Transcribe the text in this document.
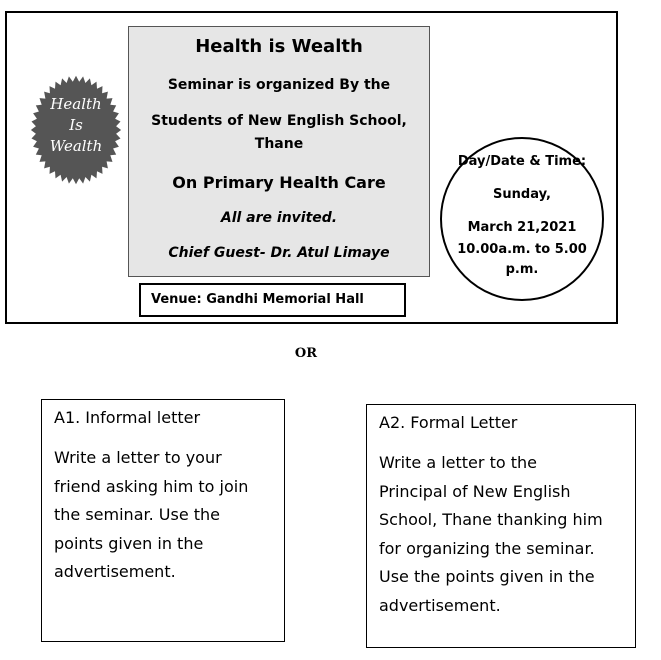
Health
Is
Wealth
Health is Wealth
Seminar is organized By the
Students of New English School,
Thane
On Primary Health Care
All are invited.
Chief Guest- Dr. Atul Limaye
Venue: Gandhi Memorial Hall
Day/Date & Time:
Sunday,
March 21,2021
10.00a.m. to 5.00
p.m.
OR
A1. Informal letter
Write a letter to your
friend asking him to join
the seminar. Use the
points given in the
advertisement.
A2. Formal Letter
Write a letter to the
Principal of New English
School, Thane thanking him
for organizing the seminar.
Use the points given in the
advertisement.
